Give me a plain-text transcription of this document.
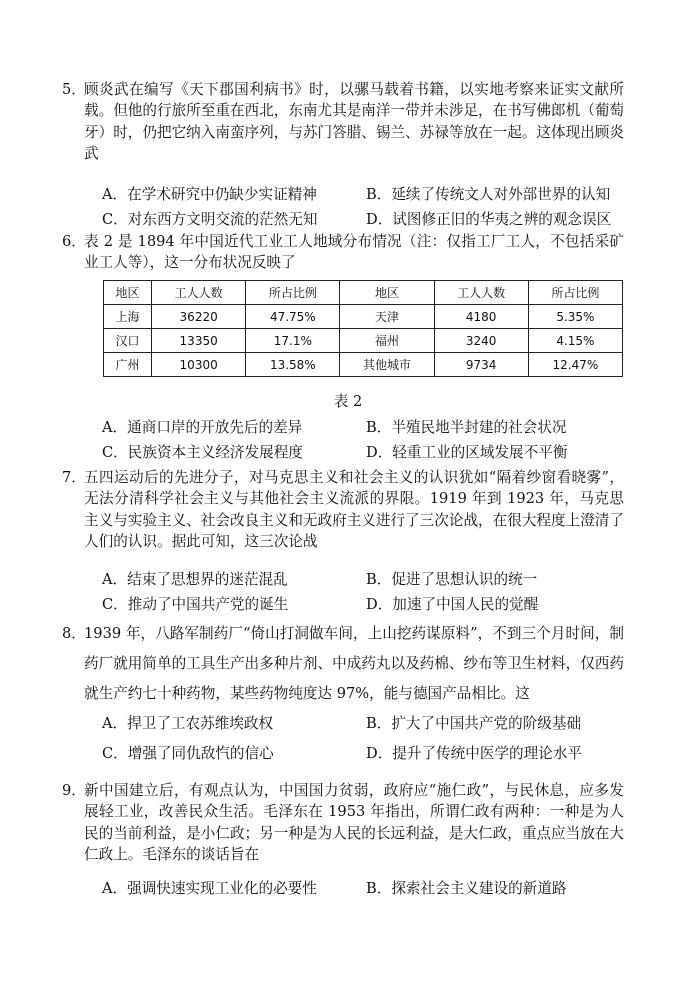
5．

顾炎武在编写《天下郡国利病书》时，以骡马载着书籍，以实地考察来证实文献所载。但他的行旅所至重在西北，东南尤其是南洋一带并未涉足，在书写佛郎机（葡萄牙）时，仍把它纳入南蛮序列，与苏门答腊、锡兰、苏禄等放在一起。这体现出顾炎武

A．在学术研究中仍缺少实证精神	B．延续了传统文人对外部世界的认知
C．对东西方文明交流的茫然无知	D．试图修正旧的华夷之辨的观念误区
6．

表 2 是 1894 年中国近代工业工人地域分布情况（注：仅指工厂工人，不包括采矿业工人等），这一分布状况反映了

地区	工人人数	所占比例	地区	工人人数	所占比例
上海	36220	47.75%	天津	4180	5.35%
汉口	13350	17.1%	福州	3240	4.15%
广州	10300	13.58%	其他城市	9734	12.47%
表 2
A．通商口岸的开放先后的差异	B．半殖民地半封建的社会状况
C．民族资本主义经济发展程度	D．轻重工业的区域发展不平衡
7．

五四运动后的先进分子，对马克思主义和社会主义的认识犹如“隔着纱窗看晓雾”，无法分清科学社会主义与其他社会主义流派的界限。1919 年到 1923 年，马克思主义与实验主义、社会改良主义和无政府主义进行了三次论战，在很大程度上澄清了人们的认识。据此可知，这三次论战

A．结束了思想界的迷茫混乱	B．促进了思想认识的统一
C．推动了中国共产党的诞生	D．加速了中国人民的觉醒
8．

1939 年，八路军制药厂“倚山打洞做车间，上山挖药谋原料”，不到三个月时间，制药厂就用简单的工具生产出多种片剂、中成药丸以及药棉、纱布等卫生材料，仅西药就生产约七十种药物，某些药物纯度达 97%，能与德国产品相比。这

A．捍卫了工农苏维埃政权	B．扩大了中国共产党的阶级基础
C．增强了同仇敌忾的信心	D．提升了传统中医学的理论水平
9．

新中国建立后，有观点认为，中国国力贫弱，政府应“施仁政”，与民休息，应多发展轻工业，改善民众生活。毛泽东在 1953 年指出，所谓仁政有两种：一种是为人民的当前利益，是小仁政；另一种是为人民的长远利益，是大仁政，重点应当放在大仁政上。毛泽东的谈话旨在

A．强调快速实现工业化的必要性	B．探索社会主义建设的新道路
